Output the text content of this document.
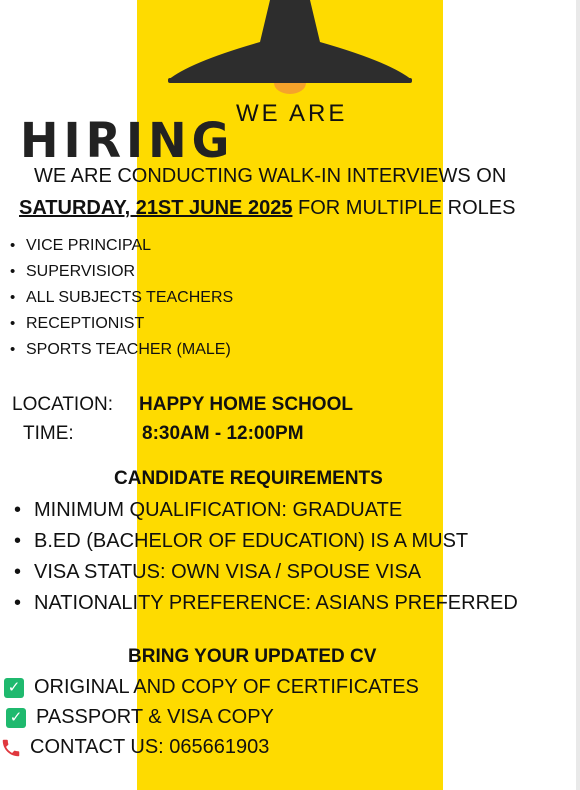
WE ARE
HIRING
WE ARE CONDUCTING WALK-IN INTERVIEWS ON
SATURDAY, 21ST JUNE 2025 FOR MULTIPLE ROLES
• VICE PRINCIPAL
• SUPERVISIOR
• ALL SUBJECTS TEACHERS
• RECEPTIONIST
• SPORTS TEACHER (MALE)
LOCATION: HAPPY HOME SCHOOL
TIME:	8:30AM - 12:00PM
CANDIDATE REQUIREMENTS
• MINIMUM QUALIFICATION: GRADUATE
• B.ED (BACHELOR OF EDUCATION) IS A MUST
• VISA STATUS: OWN VISA / SPOUSE VISA
• NATIONALITY PREFERENCE: ASIANS PREFERRED
BRING YOUR UPDATED CV
✓ ORIGINAL AND COPY OF CERTIFICATES
✓ PASSPORT & VISA COPY
CONTACT US: 065661903
